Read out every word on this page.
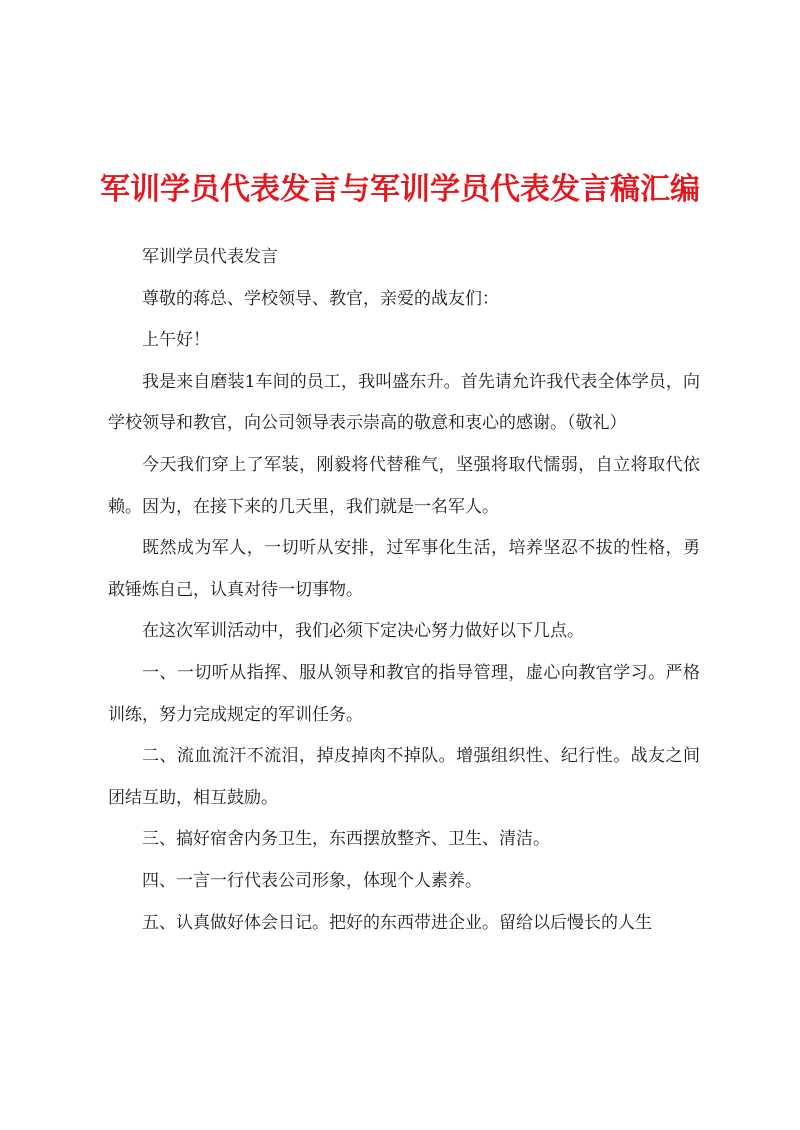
军训学员代表发言与军训学员代表发言稿汇编

军训学员代表发言

尊敬的蒋总、学校领导、教官，亲爱的战友们：

上午好！

我是来自磨装1车间的员工，我叫盛东升。首先请允许我代表全体学员，向学校领导和教官，向公司领导表示崇高的敬意和衷心的感谢。（敬礼）

今天我们穿上了军装，刚毅将代替稚气，坚强将取代懦弱，自立将取代依赖。因为，在接下来的几天里，我们就是一名军人。

既然成为军人，一切听从安排，过军事化生活，培养坚忍不拔的性格，勇敢锤炼自己，认真对待一切事物。

在这次军训活动中，我们必须下定决心努力做好以下几点。

一、一切听从指挥、服从领导和教官的指导管理，虚心向教官学习。严格训练，努力完成规定的军训任务。

二、流血流汗不流泪，掉皮掉肉不掉队。增强组织性、纪行性。战友之间团结互助，相互鼓励。

三、搞好宿舍内务卫生，东西摆放整齐、卫生、清洁。

四、一言一行代表公司形象，体现个人素养。

五、认真做好体会日记。把好的东西带进企业。留给以后慢长的人生
